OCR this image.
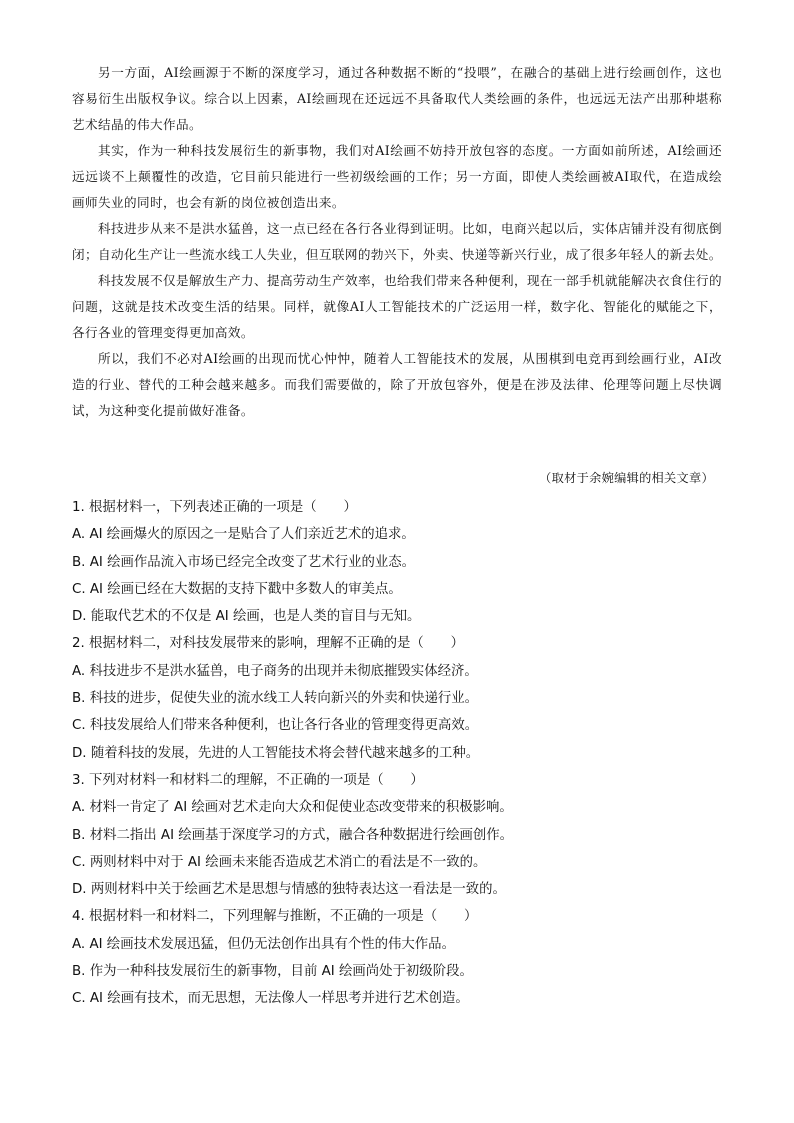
另一方面，AI绘画源于不断的深度学习，通过各种数据不断的“投喂”，在融合的基础上进行绘画创作，这也容易衍生出版权争议。综合以上因素，AI绘画现在还远远不具备取代人类绘画的条件，也远远无法产出那种堪称艺术结晶的伟大作品。

其实，作为一种科技发展衍生的新事物，我们对AI绘画不妨持开放包容的态度。一方面如前所述，AI绘画还远远谈不上颠覆性的改造，它目前只能进行一些初级绘画的工作；另一方面，即使人类绘画被AI取代，在造成绘画师失业的同时，也会有新的岗位被创造出来。

科技进步从来不是洪水猛兽，这一点已经在各行各业得到证明。比如，电商兴起以后，实体店铺并没有彻底倒闭；自动化生产让一些流水线工人失业，但互联网的勃兴下，外卖、快递等新兴行业，成了很多年轻人的新去处。

科技发展不仅是解放生产力、提高劳动生产效率，也给我们带来各种便利，现在一部手机就能解决衣食住行的问题，这就是技术改变生活的结果。同样，就像AI人工智能技术的广泛运用一样，数字化、智能化的赋能之下，各行各业的管理变得更加高效。

所以，我们不必对AI绘画的出现而忧心忡忡，随着人工智能技术的发展，从围棋到电竞再到绘画行业，AI改造的行业、替代的工种会越来越多。而我们需要做的，除了开放包容外，便是在涉及法律、伦理等问题上尽快调试，为这种变化提前做好准备。

（取材于余婉编辑的相关文章）
1. 根据材料一，下列表述正确的一项是（　　）
A. AI 绘画爆火的原因之一是贴合了人们亲近艺术的追求。
B. AI 绘画作品流入市场已经完全改变了艺术行业的业态。
C. AI 绘画已经在大数据的支持下戳中多数人的审美点。
D. 能取代艺术的不仅是 AI 绘画，也是人类的盲目与无知。
2. 根据材料二，对科技发展带来的影响，理解不正确的是（　　）
A. 科技进步不是洪水猛兽，电子商务的出现并未彻底摧毁实体经济。
B. 科技的进步，促使失业的流水线工人转向新兴的外卖和快递行业。
C. 科技发展给人们带来各种便利，也让各行各业的管理变得更高效。
D. 随着科技的发展，先进的人工智能技术将会替代越来越多的工种。
3. 下列对材料一和材料二的理解，不正确的一项是（　　）
A. 材料一肯定了 AI 绘画对艺术走向大众和促使业态改变带来的积极影响。
B. 材料二指出 AI 绘画基于深度学习的方式，融合各种数据进行绘画创作。
C. 两则材料中对于 AI 绘画未来能否造成艺术消亡的看法是不一致的。
D. 两则材料中关于绘画艺术是思想与情感的独特表达这一看法是一致的。
4. 根据材料一和材料二，下列理解与推断，不正确的一项是（　　）
A. AI 绘画技术发展迅猛，但仍无法创作出具有个性的伟大作品。
B. 作为一种科技发展衍生的新事物，目前 AI 绘画尚处于初级阶段。
C. AI 绘画有技术，而无思想，无法像人一样思考并进行艺术创造。
